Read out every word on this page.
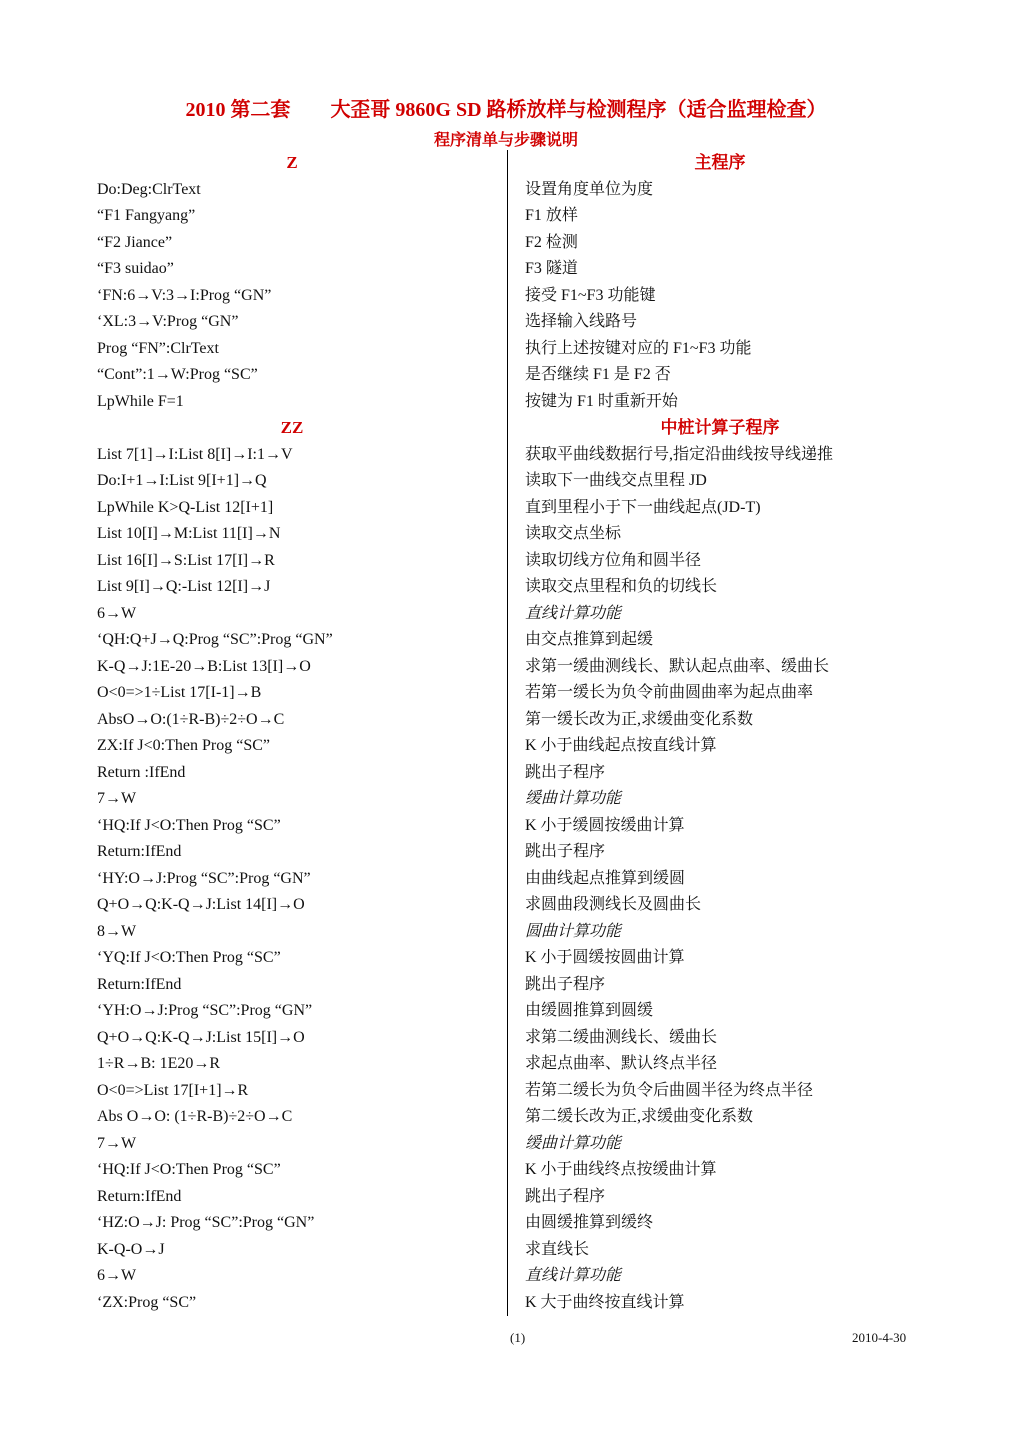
2010 第二套 大歪哥 9860G SD 路桥放样与检测程序（适合监理检查）
程序清单与步骤说明
Z
Do:Deg:ClrText
“F1 Fangyang”
“F2 Jiance”
“F3 suidao”
‘FN:6→V:3→I:Prog “GN”
‘XL:3→V:Prog “GN”
Prog “FN”:ClrText
“Cont”:1→W:Prog “SC”
LpWhile F=1
ZZ
List 7[1]→I:List 8[I]→I:1→V
Do:I+1→I:List 9[I+1]→Q
LpWhile K>Q-List 12[I+1]
List 10[I]→M:List 11[I]→N
List 16[I]→S:List 17[I]→R
List 9[I]→Q:-List 12[I]→J
6→W
‘QH:Q+J→Q:Prog “SC”:Prog “GN”
K-Q→J:1E-20→B:List 13[I]→O
O<0=>1÷List 17[I-1]→B
AbsO→O:(1÷R-B)÷2÷O→C
ZX:If J<0:Then Prog “SC”
Return :IfEnd
7→W
‘HQ:If J<O:Then Prog “SC”
Return:IfEnd
‘HY:O→J:Prog “SC”:Prog “GN”
Q+O→Q:K-Q→J:List 14[I]→O
8→W
‘YQ:If J<O:Then Prog “SC”
Return:IfEnd
‘YH:O→J:Prog “SC”:Prog “GN”
Q+O→Q:K-Q→J:List 15[I]→O
1÷R→B: 1E20→R
O<0=>List 17[I+1]→R
Abs O→O: (1÷R-B)÷2÷O→C
7→W
‘HQ:If J<O:Then Prog “SC”
Return:IfEnd
‘HZ:O→J: Prog “SC”:Prog “GN”
K-Q-O→J
6→W
‘ZX:Prog “SC”
主程序
设置角度单位为度
F1 放样
F2 检测
F3 隧道
接受 F1~F3 功能键
选择输入线路号
执行上述按键对应的 F1~F3 功能
是否继续 F1 是 F2 否
按键为 F1 时重新开始
中桩计算子程序
获取平曲线数据行号,指定沿曲线按导线递推
读取下一曲线交点里程 JD
直到里程小于下一曲线起点(JD-T)
读取交点坐标
读取切线方位角和圆半径
读取交点里程和负的切线长
直线计算功能
由交点推算到起缓
求第一缓曲测线长、默认起点曲率、缓曲长
若第一缓长为负令前曲圆曲率为起点曲率
第一缓长改为正,求缓曲变化系数
K 小于曲线起点按直线计算
跳出子程序
缓曲计算功能
K 小于缓圆按缓曲计算
跳出子程序
由曲线起点推算到缓圆
求圆曲段测线长及圆曲长
圆曲计算功能
K 小于圆缓按圆曲计算
跳出子程序
由缓圆推算到圆缓
求第二缓曲测线长、缓曲长
求起点曲率、默认终点半径
若第二缓长为负令后曲圆半径为终点半径
第二缓长改为正,求缓曲变化系数
缓曲计算功能
K 小于曲线终点按缓曲计算
跳出子程序
由圆缓推算到缓终
求直线长
直线计算功能
K 大于曲终按直线计算
(1)	2010-4-30
